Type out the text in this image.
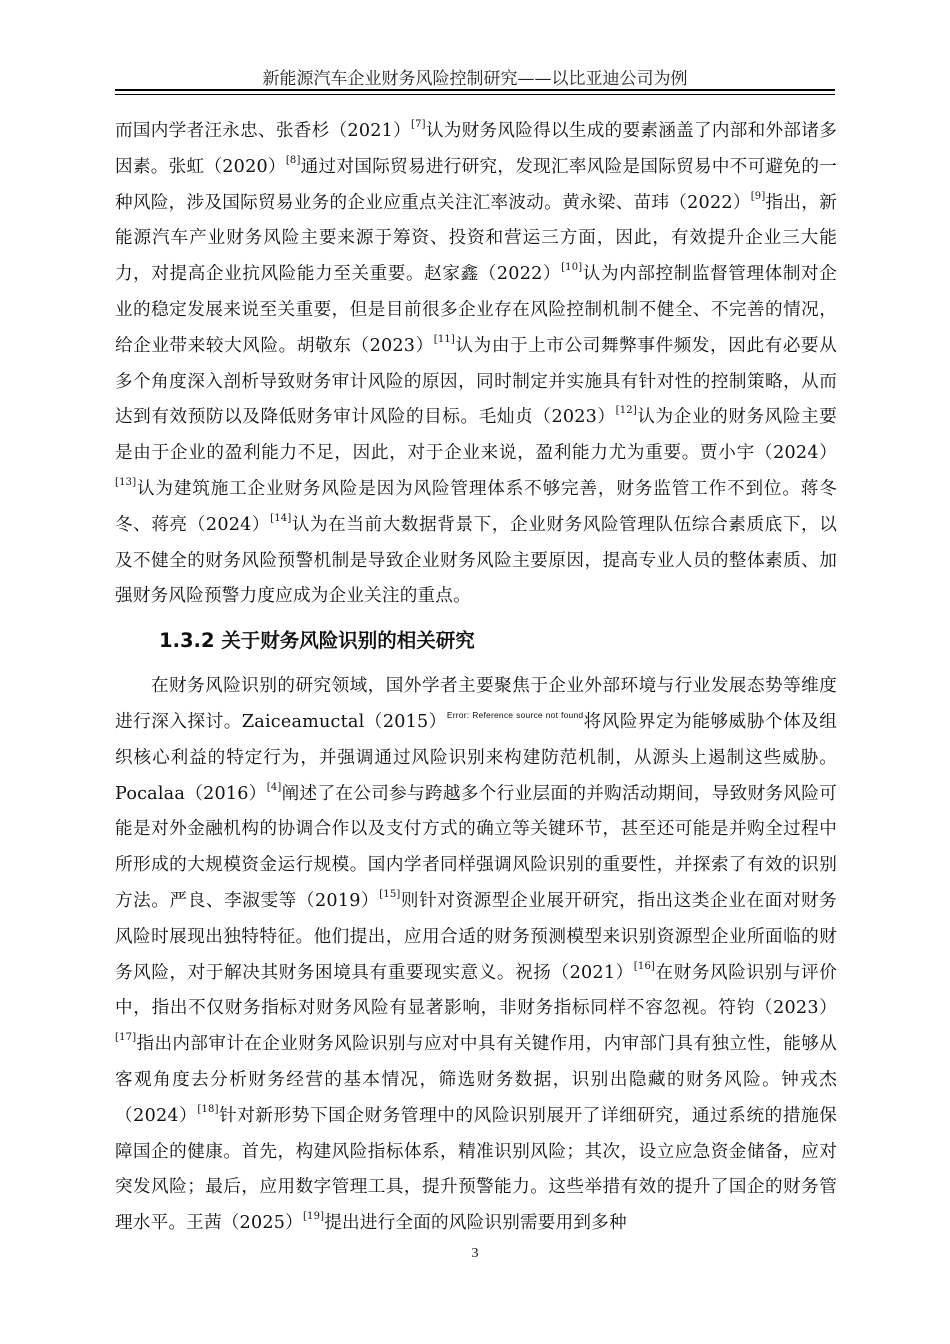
新能源汽车企业财务风险控制研究——以比亚迪公司为例

而国内学者汪永忠、张香杉（2021）[7]认为财务风险得以生成的要素涵盖了内部和外部诸多因素。张虹（2020）[8]通过对国际贸易进行研究，发现汇率风险是国际贸易中不可避免的一种风险，涉及国际贸易业务的企业应重点关注汇率波动。黄永梁、苗玮（2022）[9]指出，新能源汽车产业财务风险主要来源于筹资、投资和营运三方面，因此，有效提升企业三大能力，对提高企业抗风险能力至关重要。赵家鑫（2022）[10]认为内部控制监督管理体制对企业的稳定发展来说至关重要，但是目前很多企业存在风险控制机制不健全、不完善的情况，给企业带来较大风险。胡敬东（2023）[11]认为由于上市公司舞弊事件频发，因此有必要从多个角度深入剖析导致财务审计风险的原因，同时制定并实施具有针对性的控制策略，从而达到有效预防以及降低财务审计风险的目标。毛灿贞（2023）[12]认为企业的财务风险主要是由于企业的盈利能力不足，因此，对于企业来说，盈利能力尤为重要。贾小宇（2024）[13]认为建筑施工企业财务风险是因为风险管理体系不够完善，财务监管工作不到位。蒋冬冬、蒋亮（2024）[14]认为在当前大数据背景下，企业财务风险管理队伍综合素质底下，以及不健全的财务风险预警机制是导致企业财务风险主要原因，提高专业人员的整体素质、加强财务风险预警力度应成为企业关注的重点。

1.3.2 关于财务风险识别的相关研究

在财务风险识别的研究领域，国外学者主要聚焦于企业外部环境与行业发展态势等维度进行深入探讨。Zaiceamuctal（2015）$^{Error: Reference source not found}$将风险界定为能够威胁个体及组织核心利益的特定行为，并强调通过风险识别来构建防范机制，从源头上遏制这些威胁。Pocalaa（2016）[4]阐述了在公司参与跨越多个行业层面的并购活动期间，导致财务风险可能是对外金融机构的协调合作以及支付方式的确立等关键环节，甚至还可能是并购全过程中所形成的大规模资金运行规模。国内学者同样强调风险识别的重要性，并探索了有效的识别方法。严良、李淑雯等（2019）[15]则针对资源型企业展开研究，指出这类企业在面对财务风险时展现出独特特征。他们提出，应用合适的财务预测模型来识别资源型企业所面临的财务风险，对于解决其财务困境具有重要现实意义。祝扬（2021）[16]在财务风险识别与评价中，指出不仅财务指标对财务风险有显著影响，非财务指标同样不容忽视。符钧（2023）[17]指出内部审计在企业财务风险识别与应对中具有关键作用，内审部门具有独立性，能够从客观角度去分析财务经营的基本情况，筛选财务数据，识别出隐藏的财务风险。钟戎杰（2024）[18]针对新形势下国企财务管理中的风险识别展开了详细研究，通过系统的措施保障国企的健康。首先，构建风险指标体系，精准识别风险；其次，设立应急资金储备，应对突发风险；最后，应用数字管理工具，提升预警能力。这些举措有效的提升了国企的财务管理水平。王茜（2025）[19]提出进行全面的风险识别需要用到多种

3
